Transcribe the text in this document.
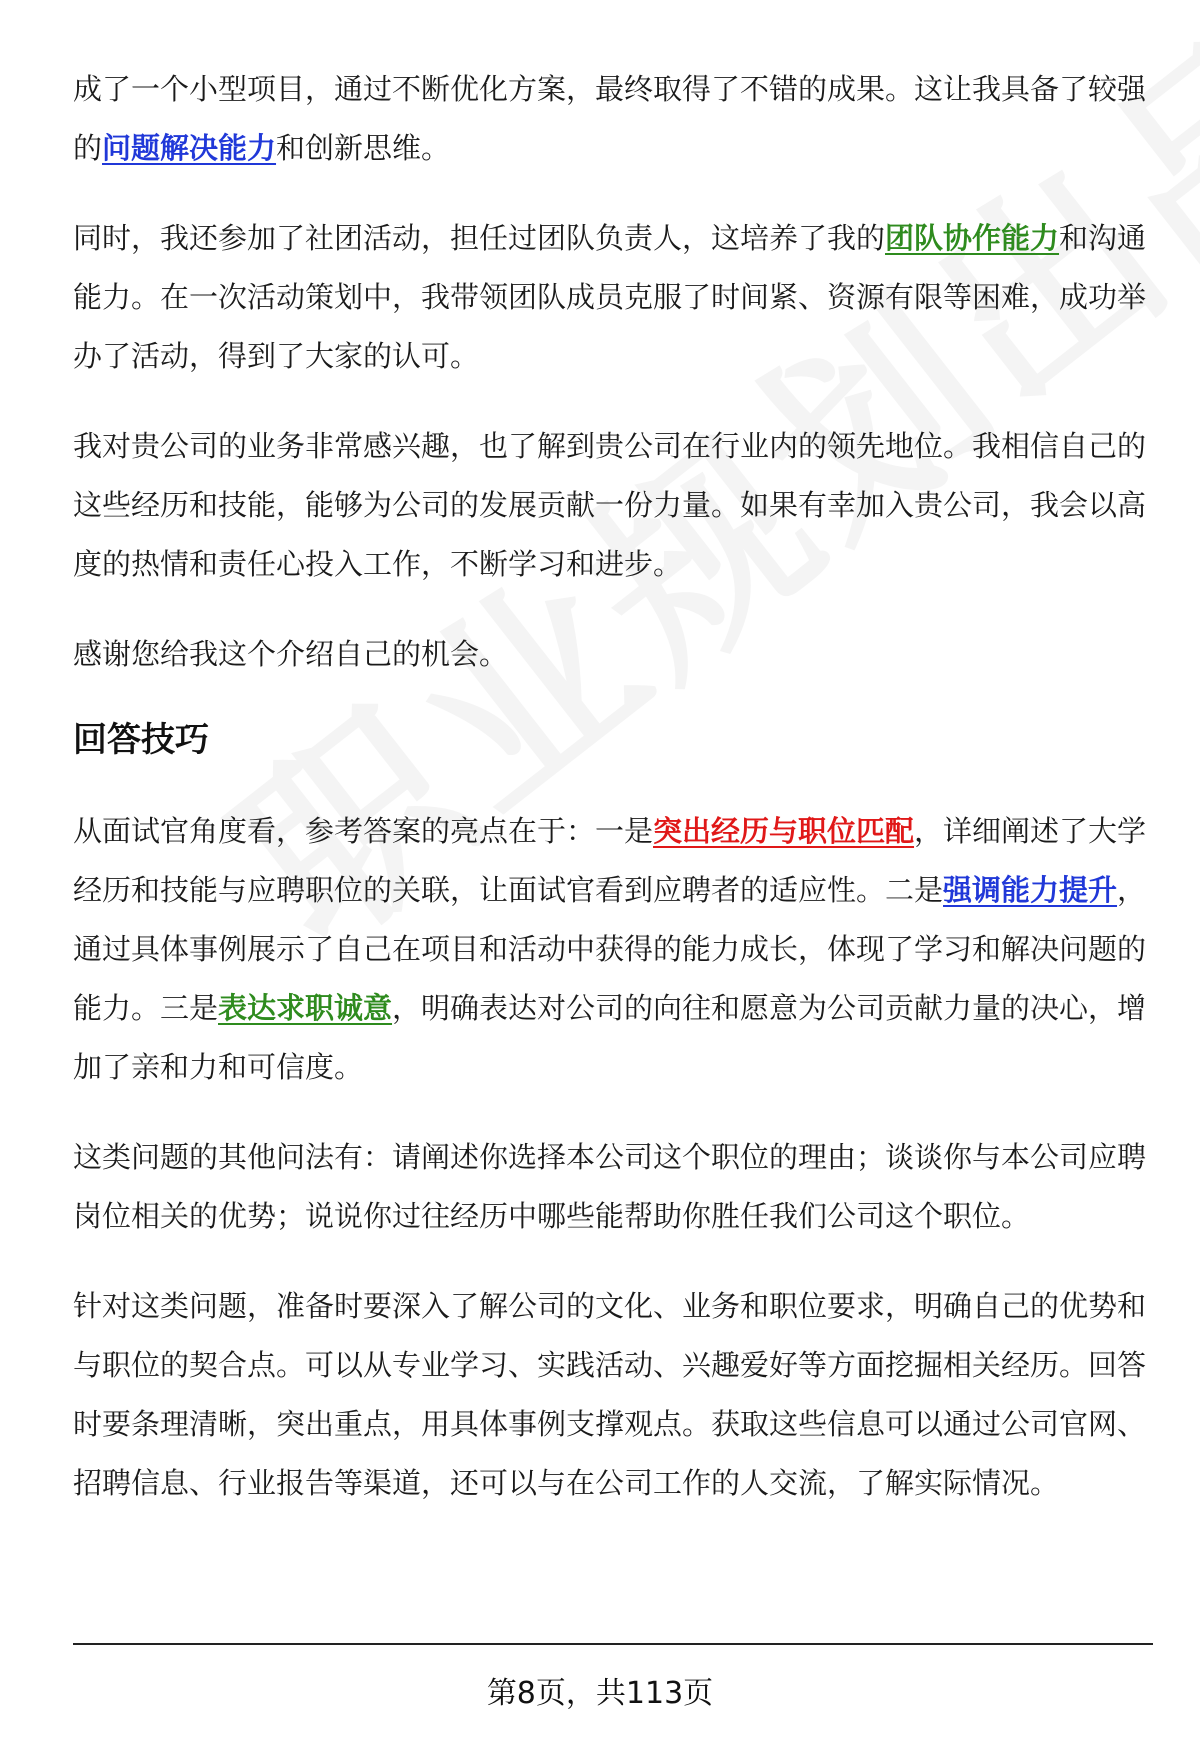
成了一个小型项目，通过不断优化方案，最终取得了不错的成果。这让我具备了较强的问题解决能力和创新思维。

同时，我还参加了社团活动，担任过团队负责人，这培养了我的团队协作能力和沟通能力。在一次活动策划中，我带领团队成员克服了时间紧、资源有限等困难，成功举办了活动，得到了大家的认可。

我对贵公司的业务非常感兴趣，也了解到贵公司在行业内的领先地位。我相信自己的这些经历和技能，能够为公司的发展贡献一份力量。如果有幸加入贵公司，我会以高度的热情和责任心投入工作，不断学习和进步。

感谢您给我这个介绍自己的机会。

回答技巧

从面试官角度看，参考答案的亮点在于：一是突出经历与职位匹配，详细阐述了大学经历和技能与应聘职位的关联，让面试官看到应聘者的适应性。二是强调能力提升，通过具体事例展示了自己在项目和活动中获得的能力成长，体现了学习和解决问题的能力。三是表达求职诚意，明确表达对公司的向往和愿意为公司贡献力量的决心，增加了亲和力和可信度。

这类问题的其他问法有：请阐述你选择本公司这个职位的理由；谈谈你与本公司应聘岗位相关的优势；说说你过往经历中哪些能帮助你胜任我们公司这个职位。

针对这类问题，准备时要深入了解公司的文化、业务和职位要求，明确自己的优势和与职位的契合点。可以从专业学习、实践活动、兴趣爱好等方面挖掘相关经历。回答时要条理清晰，突出重点，用具体事例支撑观点。获取这些信息可以通过公司官网、招聘信息、行业报告等渠道，还可以与在公司工作的人交流，了解实际情况。

第8页，共113页
